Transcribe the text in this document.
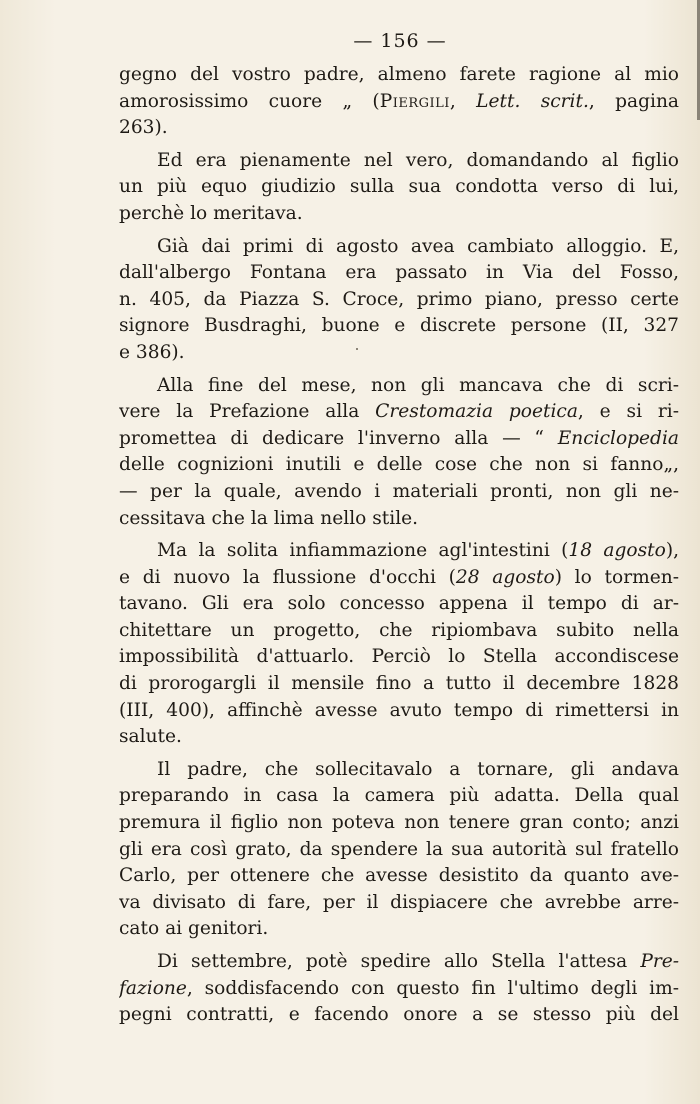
— 156 —
gegno del vostro padre, almeno farete ragione al mio
amorosissimo cuore „ (Piergili, Lett. scrit., pagina
263).
Ed era pienamente nel vero, domandando al figlio
un più equo giudizio sulla sua condotta verso di lui,
perchè lo meritava.
Già dai primi di agosto avea cambiato alloggio. E,
dall'albergo Fontana era passato in Via del Fosso,
n. 405, da Piazza S. Croce, primo piano, presso certe
signore Busdraghi, buone e discrete persone (II, 327
e 386).
Alla fine del mese, non gli mancava che di scri-
vere la Prefazione alla Crestomazia poetica, e si ri-
promettea di dedicare l'inverno alla — “ Enciclopedia
delle cognizioni inutili e delle cose che non si fanno„,
— per la quale, avendo i materiali pronti, non gli ne-
cessitava che la lima nello stile.
Ma la solita infiammazione agl'intestini (18 agosto),
e di nuovo la flussione d'occhi (28 agosto) lo tormen-
tavano. Gli era solo concesso appena il tempo di ar-
chitettare un progetto, che ripiombava subito nella
impossibilità d'attuarlo. Perciò lo Stella accondiscese
di prorogargli il mensile fino a tutto il decembre 1828
(III, 400), affinchè avesse avuto tempo di rimettersi in
salute.
Il padre, che sollecitavalo a tornare, gli andava
preparando in casa la camera più adatta. Della qual
premura il figlio non poteva non tenere gran conto; anzi
gli era così grato, da spendere la sua autorità sul fratello
Carlo, per ottenere che avesse desistito da quanto ave-
va divisato di fare, per il dispiacere che avrebbe arre-
cato ai genitori.
Di settembre, potè spedire allo Stella l'attesa Pre-
fazione, soddisfacendo con questo fin l'ultimo degli im-
pegni contratti, e facendo onore a se stesso più del
